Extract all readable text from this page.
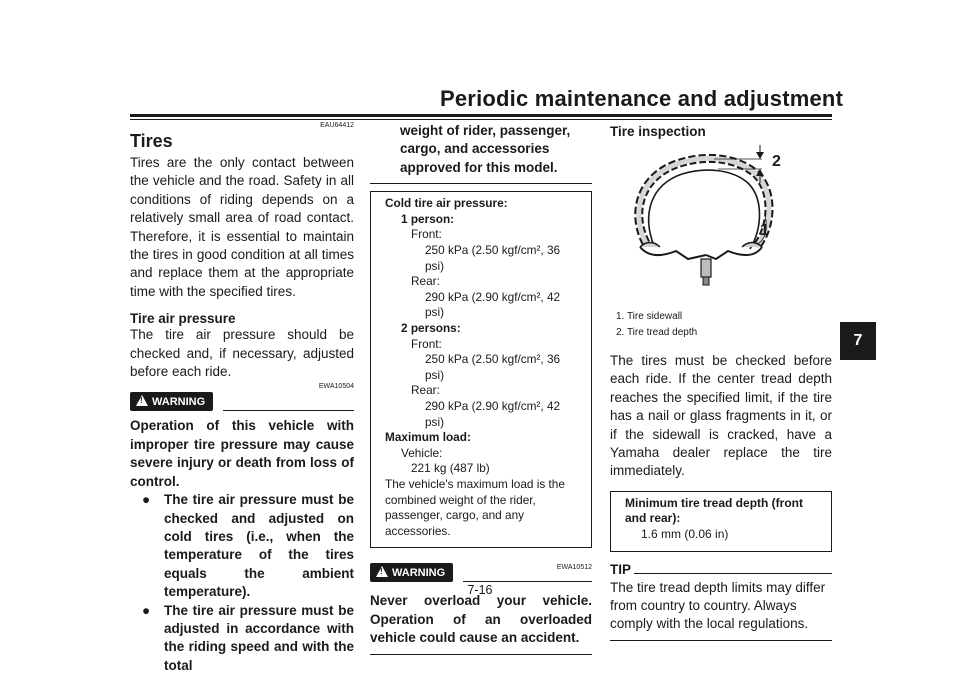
Periodic maintenance and adjustment
7
EAU64412
Tires

Tires are the only contact between the vehicle and the road. Safety in all conditions of riding depends on a relatively small area of road contact. Therefore, it is essential to maintain the tires in good condition at all times and replace them at the appropriate time with the specified tires.

Tire air pressure

The tire air pressure should be checked and, if necessary, adjusted before each ride.

EWA10504
!WARNING

Operation of this vehicle with improper tire pressure may cause severe injury or death from loss of control.

●	The tire air pressure must be checked and adjusted on cold tires (i.e., when the temperature of the tires equals the ambient temperature).
●	The tire air pressure must be adjusted in accordance with the riding speed and with the total
weight of rider, passenger, cargo, and accessories approved for this model.
Cold tire air pressure:
1 person:
Front:
250 kPa (2.50 kgf/cm², 36 psi)
Rear:
290 kPa (2.90 kgf/cm², 42 psi)
2 persons:
Front:
250 kPa (2.50 kgf/cm², 36 psi)
Rear:
290 kPa (2.90 kgf/cm², 42 psi)
Maximum load:
Vehicle:
221 kg (487 lb)
The vehicle's maximum load is the combined weight of the rider, passenger, cargo, and any accessories.
EWA10512
!WARNING

Never overload your vehicle. Operation of an overloaded vehicle could cause an accident.

Tire inspection
2
1
1. Tire sidewall
2. Tire tread depth

The tires must be checked before each ride. If the center tread depth reaches the specified limit, if the tire has a nail or glass fragments in it, or if the sidewall is cracked, have a Yamaha dealer replace the tire immediately.

Minimum tire tread depth (front and rear):
1.6 mm (0.06 in)
TIP

The tire tread depth limits may differ from country to country. Always comply with the local regulations.

7-16
